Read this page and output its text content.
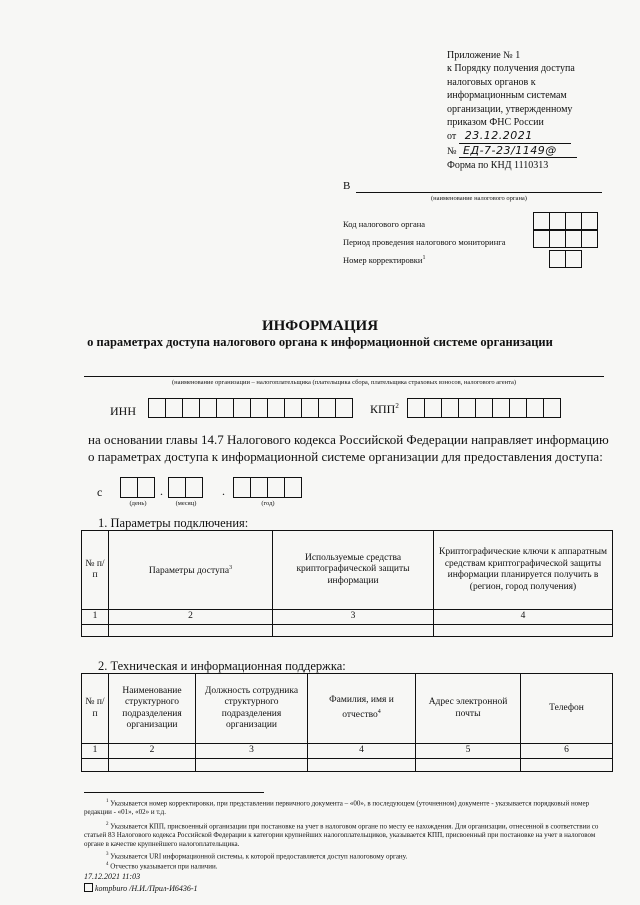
Приложение № 1
к Порядку получения доступа
налоговых органов к
информационным системам
организации, утвержденному
приказом ФНС России
от 23.12.2021
№ ЕД-7-23/1149@
Форма по КНД 1110313
В
(наименование налогового органа)
Код налогового органа
Период проведения налогового мониторинга
Номер корректировки$^1$
ИНФОРМАЦИЯ
о параметрах доступа налогового органа к информационной системе организации
(наименование организации – налогоплательщика (плательщика сбора, плательщика страховых взносов, налогового агента)
ИНН	КПП$^2$
на основании главы 14.7 Налогового кодекса Российской Федерации направляет информацию о параметрах доступа к информационной системе организации для предоставления доступа:
с	.	.
(день)	(месяц)	(год)
1. Параметры подключения:
№ п/п	Параметры доступа$^3$	Используемые средства криптографической защиты информации	Криптографические ключи к аппаратным средствам криптографической защиты информации планируется получить в (регион, город получения)
1	2	3	4

2. Техническая и информационная поддержка:
№ п/п	Наименование структурного подразделения организации	Должность сотрудника структурного подразделения организации	Фамилия, имя и отчество$^4$	Адрес электронной почты	Телефон
1	2	3	4	5	6

$^1$ Указывается номер корректировки, при представлении первичного документа – «00», в последующем (уточненном) документе - указывается порядковый номер редакции - «01», «02» и т.д.
$^2$ Указывается КПП, присвоенный организации при постановке на учет в налоговом органе по месту ее нахождения. Для организации, отнесенной в соответствии со статьей 83 Налогового кодекса Российской Федерации к категории крупнейших налогоплательщиков, указывается КПП, присвоенный при постановке на учет в налоговом органе в качестве крупнейшего налогоплательщика.
$^3$ Указывается URI информационной системы, к которой предоставляется доступ налоговому органу.
$^4$ Отчество указывается при наличии.
17.12.2021 11:03
kompburo /Н.И./Прил-И6436-1
